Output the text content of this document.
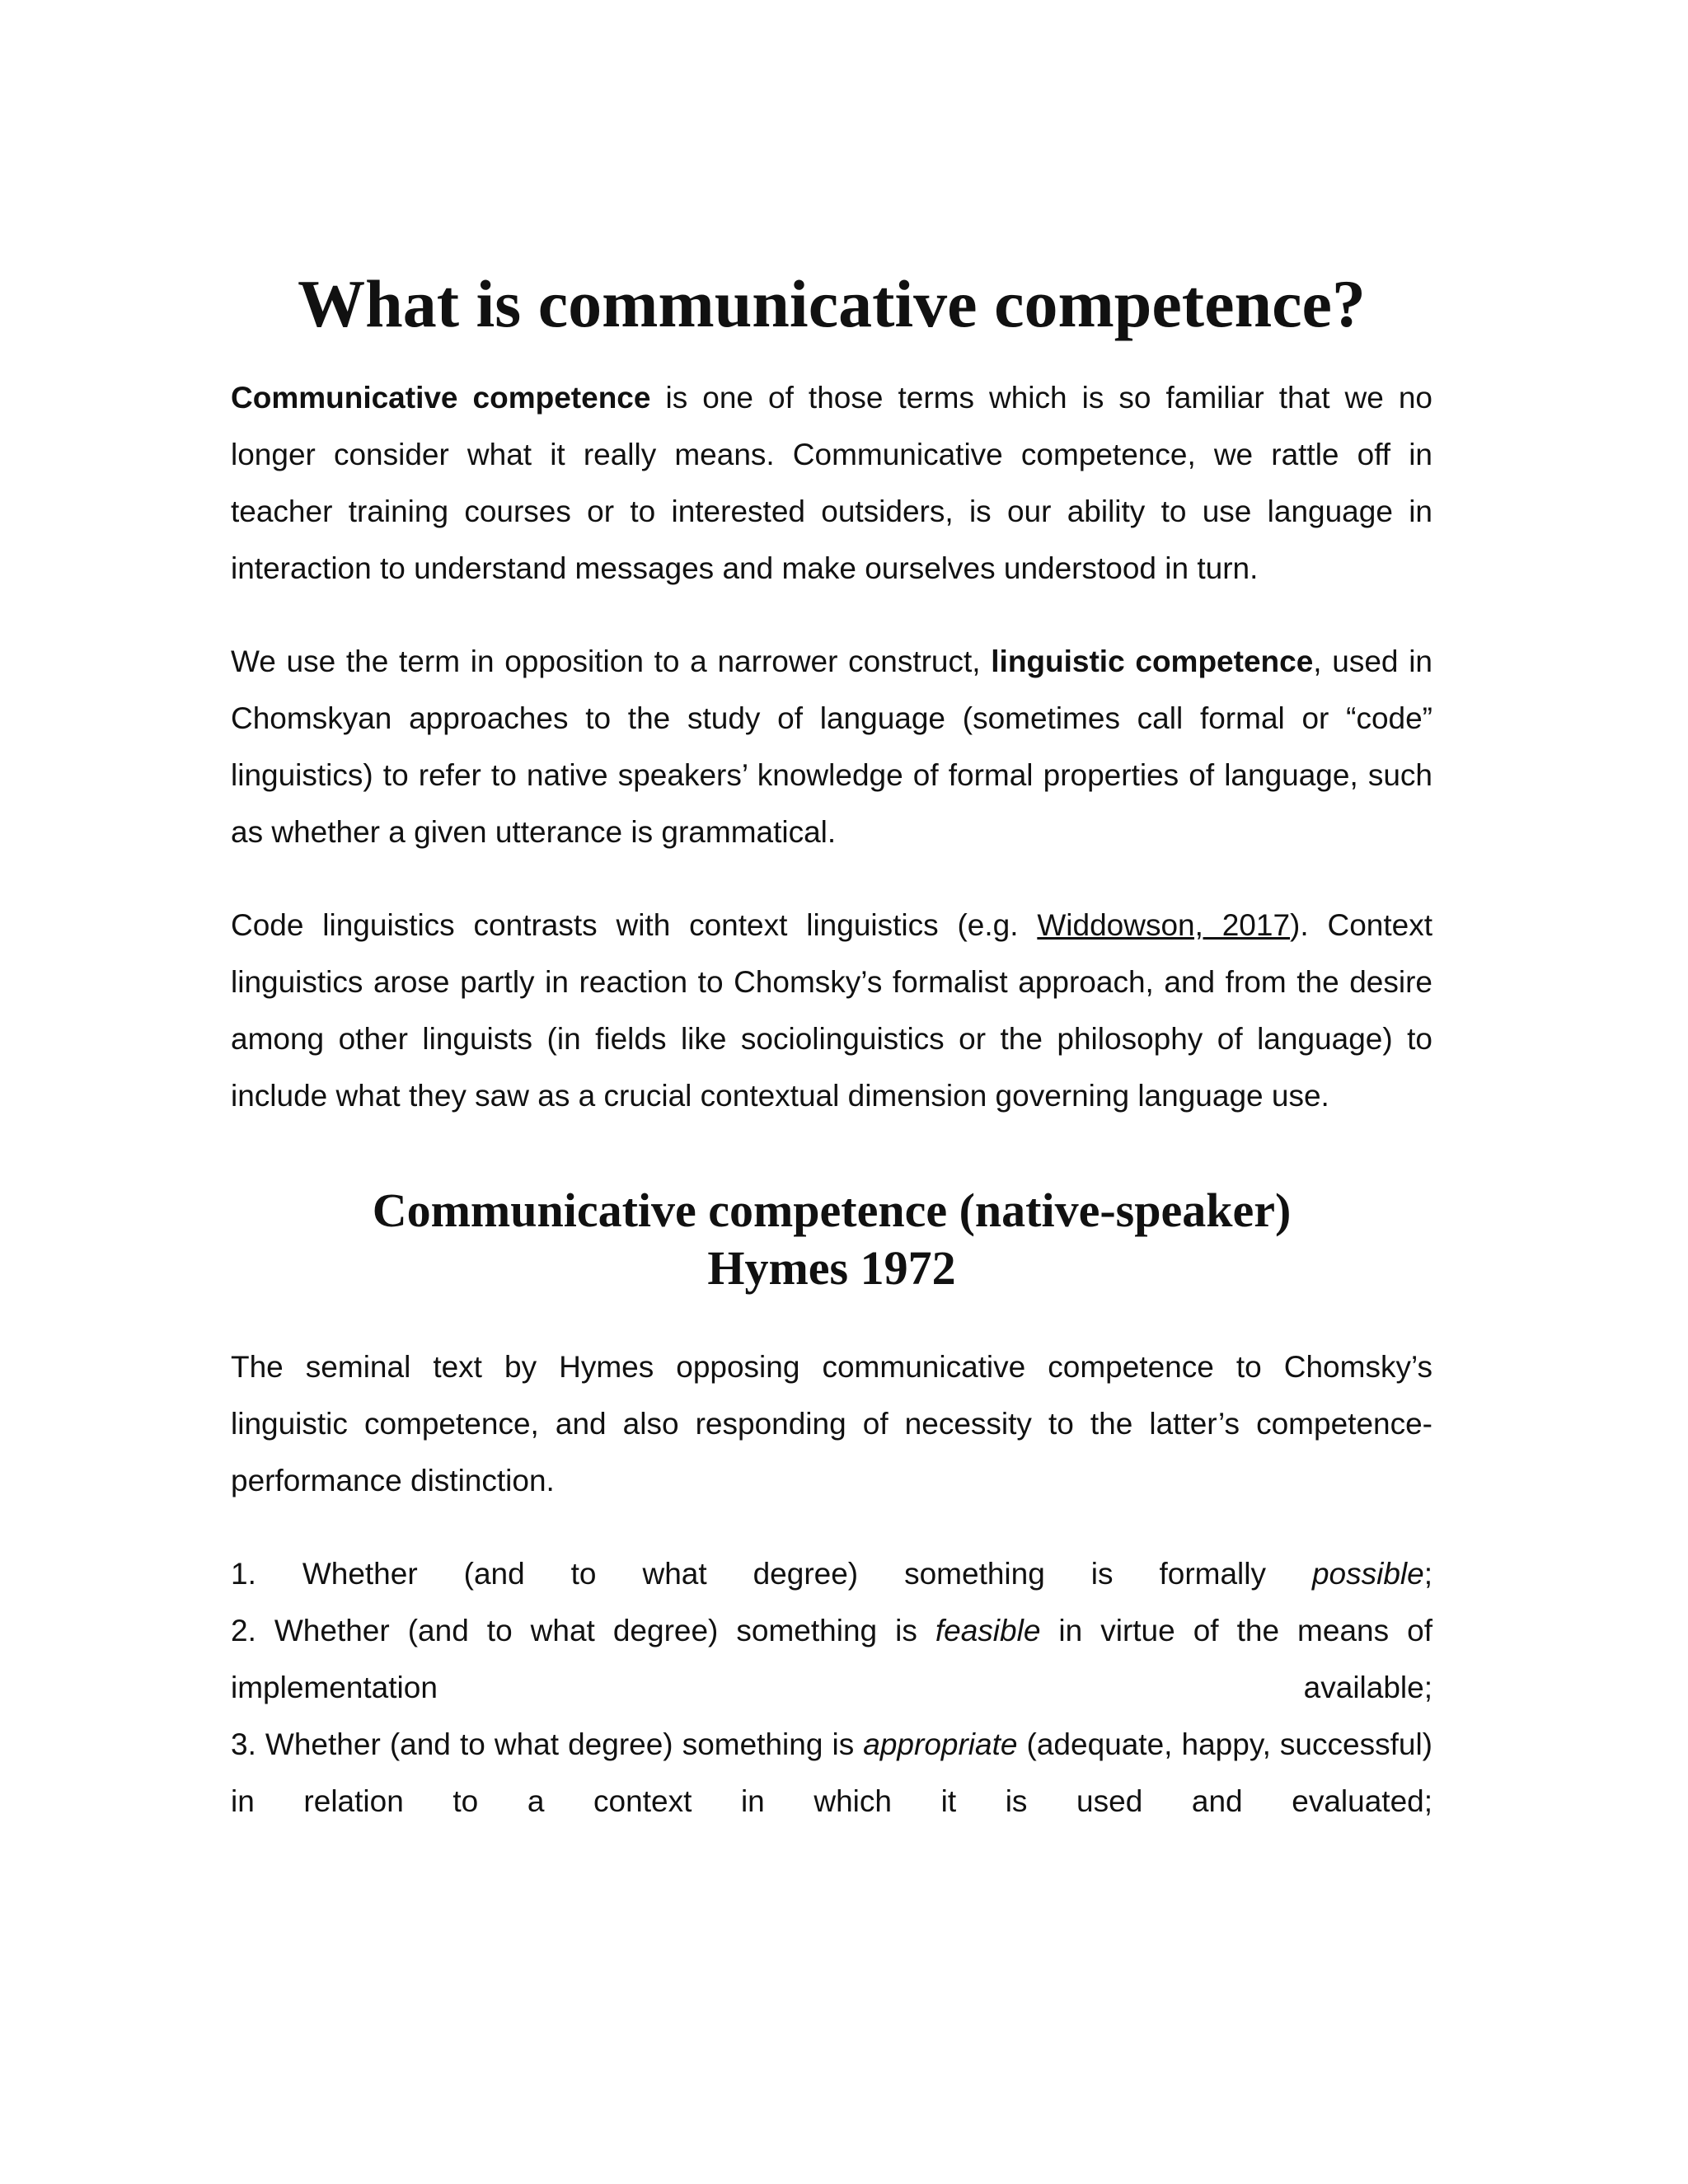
What is communicative competence?

Communicative competence is one of those terms which is so familiar that we no longer consider what it really means. Communicative competence, we rattle off in teacher training courses or to interested outsiders, is our ability to use language in interaction to understand messages and make ourselves understood in turn.

We use the term in opposition to a narrower construct, linguistic competence, used in Chomskyan approaches to the study of language (sometimes call formal or “code” linguistics) to refer to native speakers’ knowledge of formal properties of language, such as whether a given utterance is grammatical.

Code linguistics contrasts with context linguistics (e.g. Widdowson, 2017). Context linguistics arose partly in reaction to Chomsky’s formalist approach, and from the desire among other linguists (in fields like sociolinguistics or the philosophy of language) to include what they saw as a crucial contextual dimension governing language use.

Communicative competence (native-speaker)
Hymes 1972

The seminal text by Hymes opposing communicative competence to Chomsky’s linguistic competence, and also responding of necessity to the latter’s competence-performance distinction.

1. Whether (and to what degree) something is formally possible;

2. Whether (and to what degree) something is feasible in virtue of the means of implementation available;

3. Whether (and to what degree) something is appropriate (adequate, happy, successful) in relation to a context in which it is used and evaluated;
